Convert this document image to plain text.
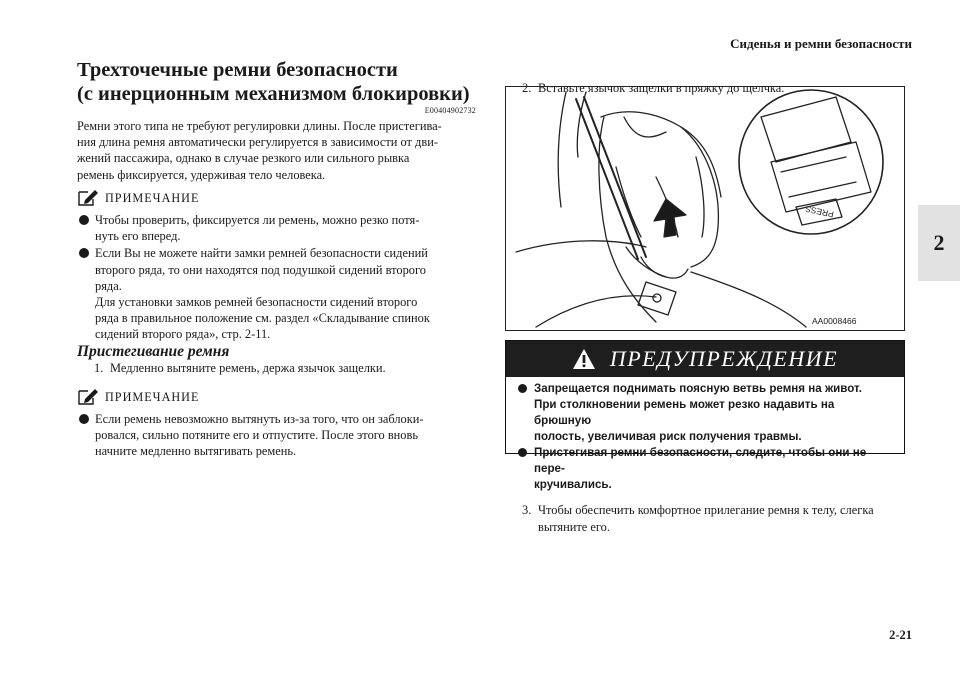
Сиденья и ремни безопасности
2
2-21
Трехточечные ремни безопасности
(с инерционным механизмом блокировки)
E00404902732
Ремни этого типа не требуют регулировки длины. После пристегива-
ния длина ремня автоматически регулируется в зависимости от дви-
жений пассажира, однако в случае резкого или сильного рывка
ремень фиксируется, удерживая тело человека.
ПРИМЕЧАНИЕ
Чтобы проверить, фиксируется ли ремень, можно резко потя-
нуть его вперед.
Если Вы не можете найти замки ремней безопасности сидений
второго ряда, то они находятся под подушкой сидений второго
ряда.
Для установки замков ремней безопасности сидений второго
ряда в правильное положение см. раздел «Складывание спинок
сидений второго ряда», стр. 2-11.
Пристегивание ремня
1. Медленно вытяните ремень, держа язычок защелки.
ПРИМЕЧАНИЕ
Если ремень невозможно вытянуть из-за того, что он заблоки-
ровался, сильно потяните его и отпустите. После этого вновь
начните медленно вытягивать ремень.
2. Вставьте язычок защелки в пряжку до щелчка.
PRESS
AA0008466
ПРЕДУПРЕЖДЕНИЕ
Запрещается поднимать поясную ветвь ремня на живот.
При столкновении ремень может резко надавить на брюшную
полость, увеличивая риск получения травмы.
Пристегивая ремни безопасности, следите, чтобы они не пере-
кручивались.
3. Чтобы обеспечить комфортное прилегание ремня к телу, слегка
вытяните его.
